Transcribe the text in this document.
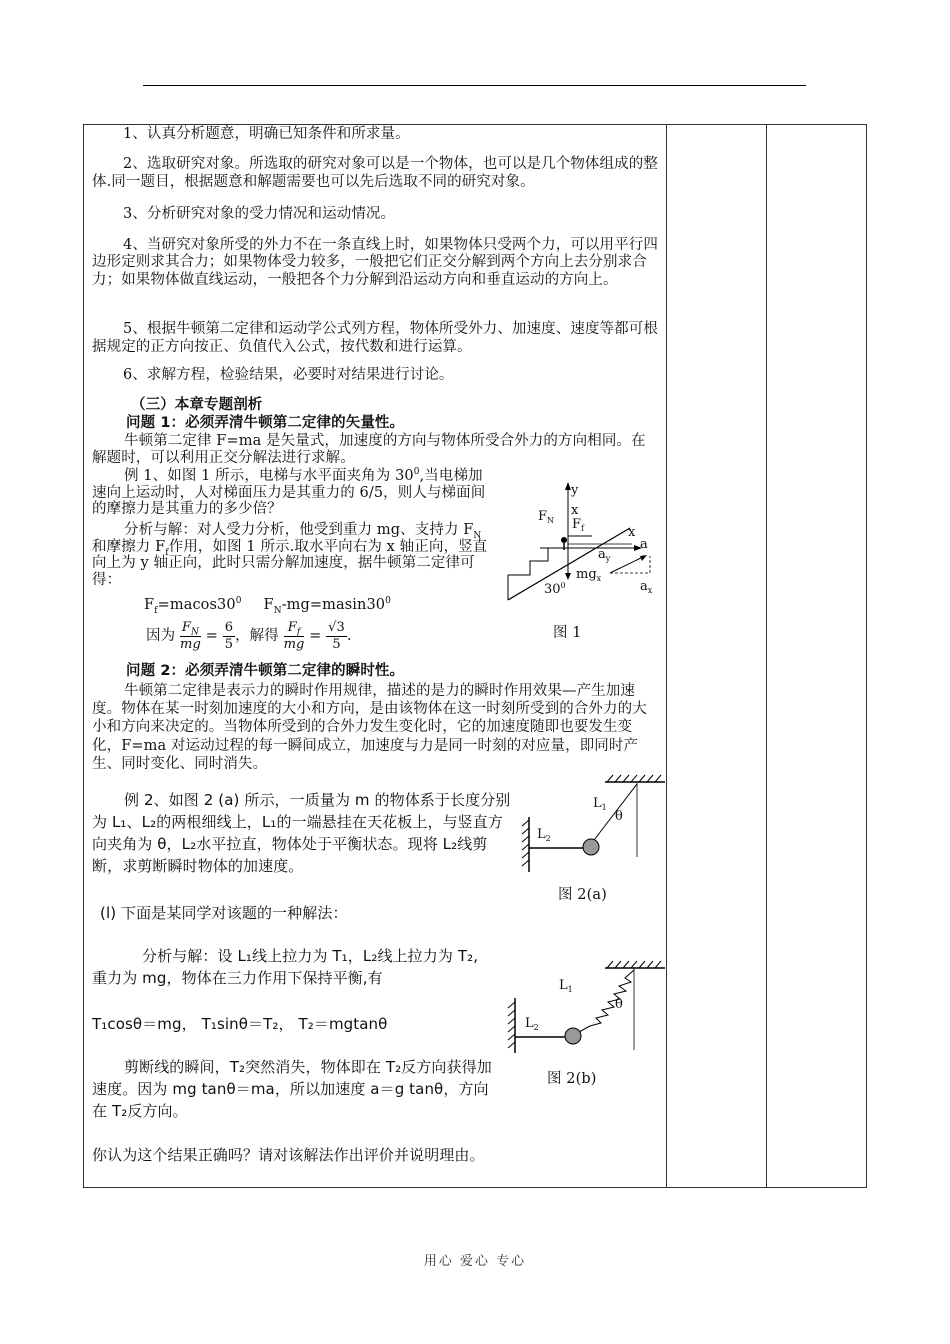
1、认真分析题意，明确已知条件和所求量。
2、选取研究对象。所选取的研究对象可以是一个物体，也可以是几个物体组成的整体.同一题目，根据题意和解题需要也可以先后选取不同的研究对象。
3、分析研究对象的受力情况和运动情况。
4、当研究对象所受的外力不在一条直线上时，如果物体只受两个力，可以用平行四边形定则求其合力；如果物体受力较多，一般把它们正交分解到两个方向上去分别求合力；如果物体做直线运动，一般把各个力分解到沿运动方向和垂直运动的方向上。
5、根据牛顿第二定律和运动学公式列方程，物体所受外力、加速度、速度等都可根据规定的正方向按正、负值代入公式，按代数和进行运算。
6、求解方程，检验结果，必要时对结果进行讨论。
（三）本章专题剖析
问题 1：必须弄清牛顿第二定律的矢量性。
牛顿第二定律 F=ma 是矢量式，加速度的方向与物体所受合外力的方向相同。在解题时，可以利用正交分解法进行求解。
例 1、如图 1 所示，电梯与水平面夹角为 $30^0$,当电梯加速向上运动时，人对梯面压力是其重力的 6/5，则人与梯面间的摩擦力是其重力的多少倍？
分析与解：对人受力分析，他受到重力 mg、支持力 $F_N$和摩擦力 $F_f$作用，如图 1 所示.取水平向右为 x 轴正向，竖直向上为 y 轴正向，此时只需分解加速度，据牛顿第二定律可得：
$F_f=macos30^0$ $F_N-mg=masin30^0$
因为 $\frac{F_N}{mg} = \frac{6}{5}$ ，解得 $\frac{F_f}{mg} = \frac{√3}{5}$ .
$F_N$
y
x
$F_f$	x
a
$a_y$
$mg_x$
$30^0$	$a_x$
图 1
问题 2：必须弄清牛顿第二定律的瞬时性。
牛顿第二定律是表示力的瞬时作用规律，描述的是力的瞬时作用效果—产生加速度。物体在某一时刻加速度的大小和方向，是由该物体在这一时刻所受到的合外力的大小和方向来决定的。当物体所受到的合外力发生变化时，它的加速度随即也要发生变化，F=ma 对运动过程的每一瞬间成立，加速度与力是同一时刻的对应量，即同时产生、同时变化、同时消失。
例 2、如图 2 (a) 所示，一质量为 m 的物体系于长度分别为 L₁、L₂的两根细线上，L₁的一端悬挂在天花板上，与竖直方向夹角为 θ，L₂水平拉直，物体处于平衡状态。现将 L₂线剪断，求剪断瞬时物体的加速度。
$L_1$
θ
$L_2$
图 2(a)
(l) 下面是某同学对该题的一种解法：
分析与解：设 L₁线上拉力为 T₁，L₂线上拉力为 T₂, 重力为 mg，物体在三力作用下保持平衡,有
T₁cosθ＝mg， T₁sinθ＝T₂， T₂＝mgtanθ
剪断线的瞬间，T₂突然消失，物体即在 T₂反方向获得加速度。因为 mg tanθ＝ma，所以加速度 a＝g tanθ，方向在 T₂反方向。
你认为这个结果正确吗？请对该解法作出评价并说明理由。
$L_1$
θ
$L_2$
图 2(b)
用心 爱心 专心
